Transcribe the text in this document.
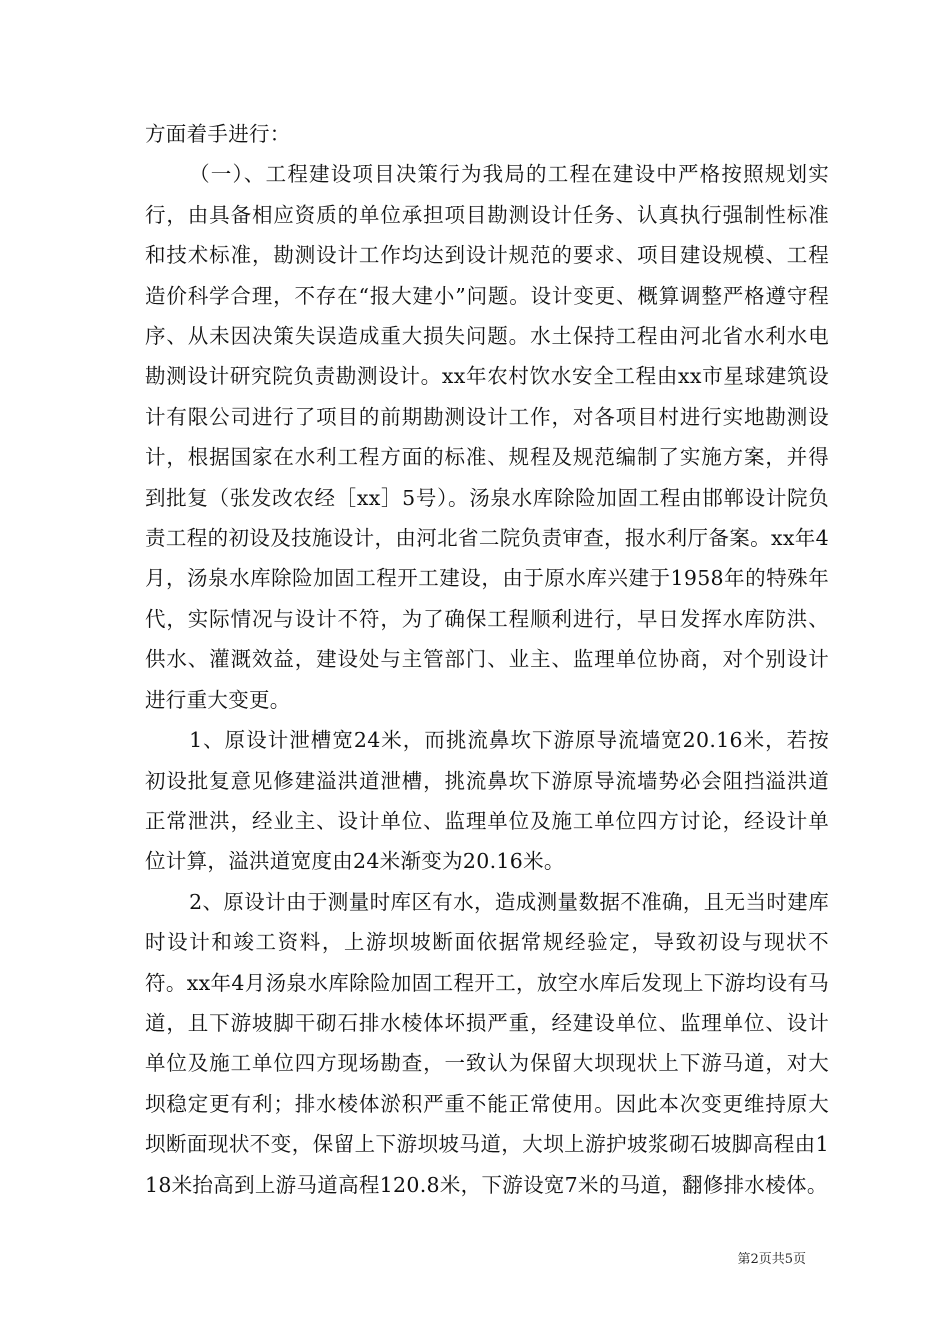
方面着手进行：

（一）、工程建设项目决策行为我局的工程在建设中严格按照规划实行，由具备相应资质的单位承担项目勘测设计任务、认真执行强制性标准和技术标准，勘测设计工作均达到设计规范的要求、项目建设规模、工程造价科学合理，不存在“报大建小”问题。设计变更、概算调整严格遵守程序、从未因决策失误造成重大损失问题。水土保持工程由河北省水利水电勘测设计研究院负责勘测设计。xx年农村饮水安全工程由xx市星球建筑设计有限公司进行了项目的前期勘测设计工作，对各项目村进行实地勘测设计，根据国家在水利工程方面的标准、规程及规范编制了实施方案，并得到批复（张发改农经［xx］5号）。汤泉水库除险加固工程由邯郸设计院负责工程的初设及技施设计，由河北省二院负责审查，报水利厅备案。xx年4月，汤泉水库除险加固工程开工建设，由于原水库兴建于1958年的特殊年代，实际情况与设计不符，为了确保工程顺利进行，早日发挥水库防洪、供水、灌溉效益，建设处与主管部门、业主、监理单位协商，对个别设计进行重大变更。

1、原设计泄槽宽24米，而挑流鼻坎下游原导流墙宽20.16米，若按初设批复意见修建溢洪道泄槽，挑流鼻坎下游原导流墙势必会阻挡溢洪道正常泄洪，经业主、设计单位、监理单位及施工单位四方讨论，经设计单位计算，溢洪道宽度由24米渐变为20.16米。

2、原设计由于测量时库区有水，造成测量数据不准确，且无当时建库时设计和竣工资料，上游坝坡断面依据常规经验定，导致初设与现状不符。xx年4月汤泉水库除险加固工程开工，放空水库后发现上下游均设有马道，且下游坡脚干砌石排水棱体坏损严重，经建设单位、监理单位、设计单位及施工单位四方现场勘查，一致认为保留大坝现状上下游马道，对大坝稳定更有利；排水棱体淤积严重不能正常使用。因此本次变更维持原大坝断面现状不变，保留上下游坝坡马道，大坝上游护坡浆砌石坡脚高程由118米抬高到上游马道高程120.8米，下游设宽7米的马道，翻修排水棱体。

第2页共5页
